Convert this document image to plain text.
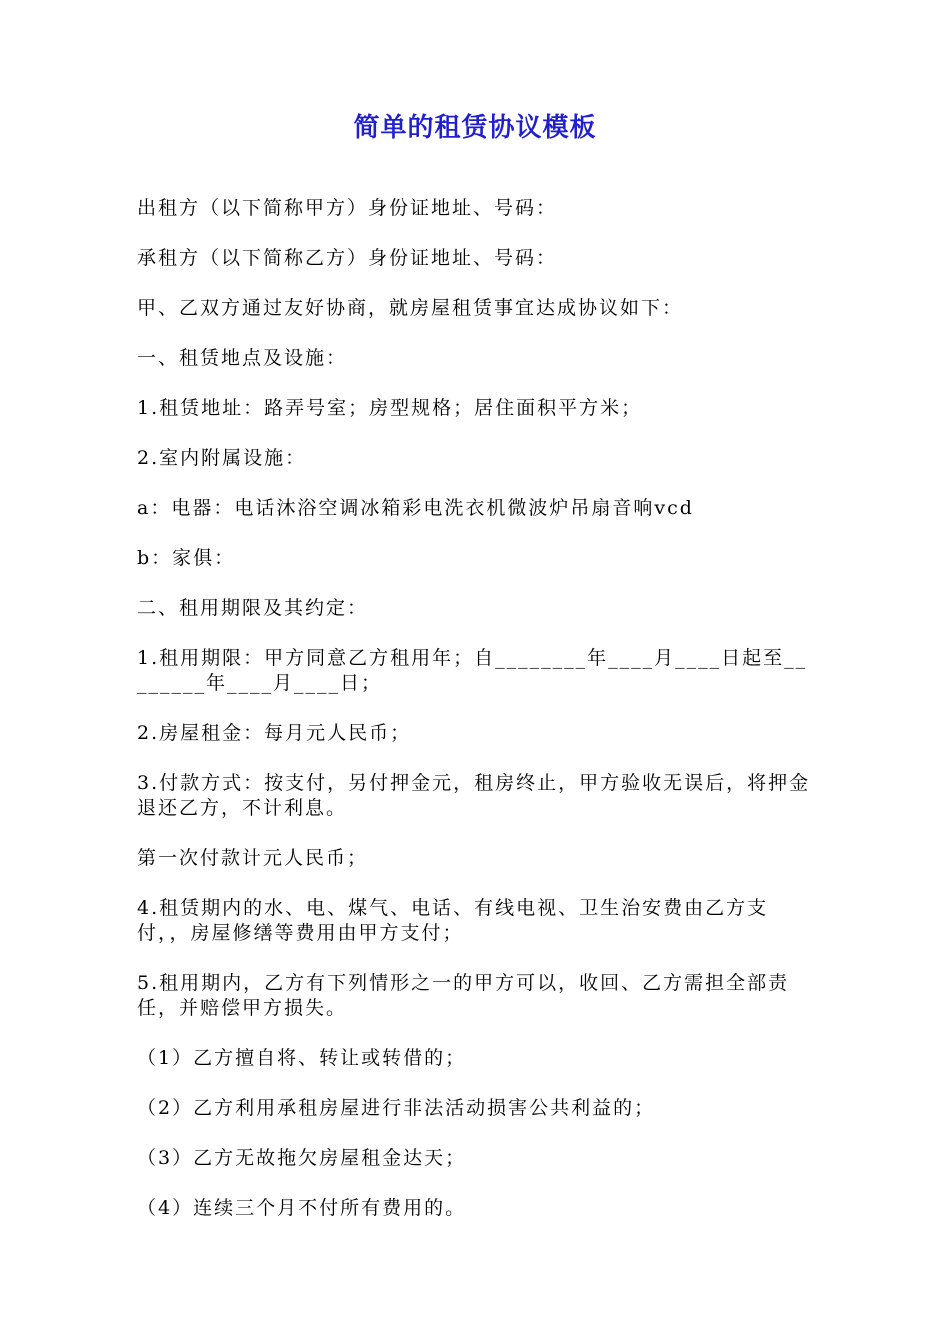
简单的租赁协议模板

出租方（以下简称甲方）身份证地址、号码：

承租方（以下简称乙方）身份证地址、号码：

甲、乙双方通过友好协商，就房屋租赁事宜达成协议如下：

一、租赁地点及设施：

1.租赁地址：路弄号室；房型规格；居住面积平方米；

2.室内附属设施：

a：电器：电话沐浴空调冰箱彩电洗衣机微波炉吊扇音响vcd

b：家俱：

二、租用期限及其约定：

1.租用期限：甲方同意乙方租用年；自________年____月____日起至________年____月____日；

2.房屋租金：每月元人民币；

3.付款方式：按支付，另付押金元，租房终止，甲方验收无误后，将押金退还乙方，不计利息。

第一次付款计元人民币；

4.租赁期内的水、电、煤气、电话、有线电视、卫生治安费由乙方支付，，房屋修缮等费用由甲方支付；

5.租用期内，乙方有下列情形之一的甲方可以，收回、乙方需担全部责任，并赔偿甲方损失。

（1）乙方擅自将、转让或转借的；

（2）乙方利用承租房屋进行非法活动损害公共利益的；

（3）乙方无故拖欠房屋租金达天；

（4）连续三个月不付所有费用的。
